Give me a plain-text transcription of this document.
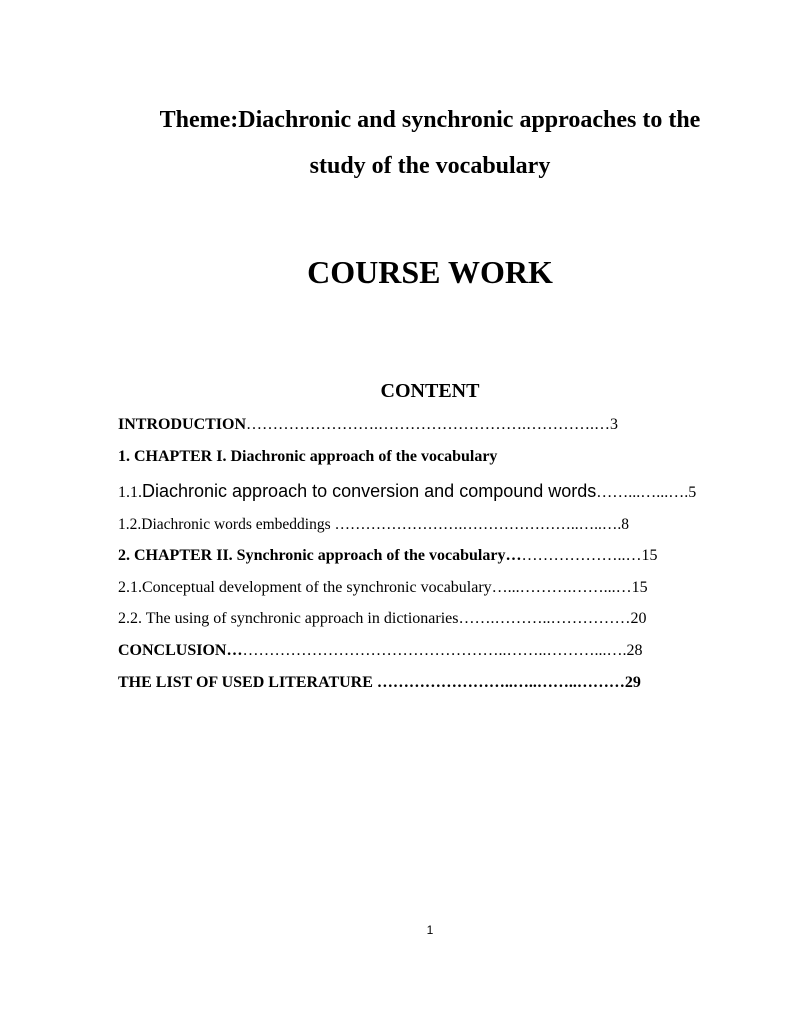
Theme:Diachronic and synchronic approaches to the

study of the vocabulary

COURSE WORK

CONTENT

INTRODUCTION…………………….……………………….………….…3
1. CHAPTER I. Diachronic approach of the vocabulary
1.1.Diachronic approach to conversion and compound words……...…...….5
1.2.Diachronic words embeddings …………………….…………………..…..….8
2. CHAPTER II. Synchronic approach of the vocabulary…………………..…15
2.1.Conceptual development of the synchronic vocabulary…...……….……...…15
2.2. The using of synchronic approach in dictionaries…….………..……………20
CONCLUSION……………………………………………..……..………...….28
THE LIST OF USED LITERATURE ……………………..…..……..………29
1
